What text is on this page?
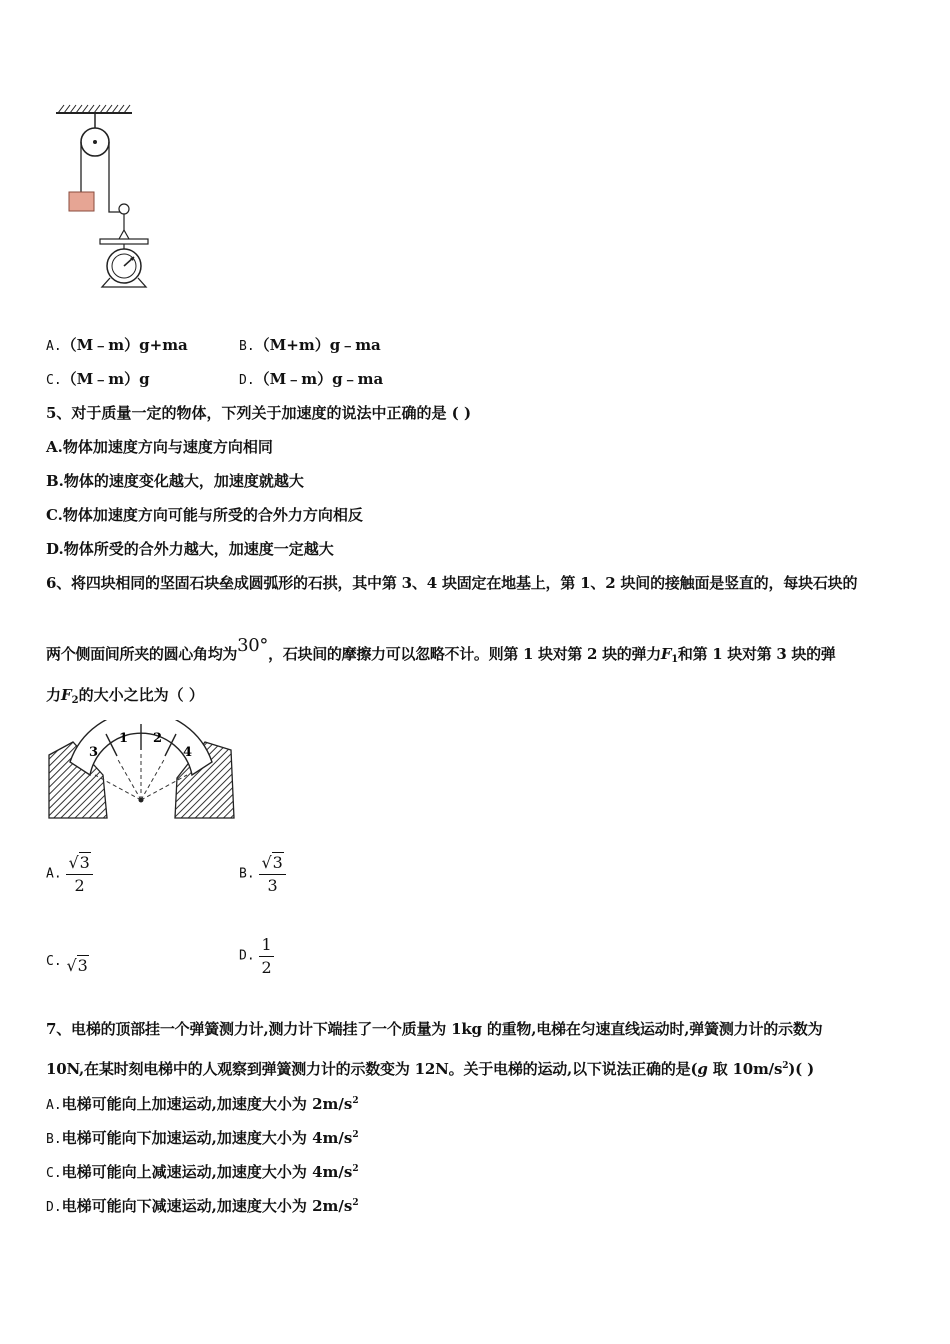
A.（M﹣m）g+ma	B.（M+m）g﹣ma
C.（M﹣m）g	D.（M﹣m）g﹣ma
5、对于质量一定的物体，下列关于加速度的说法中正确的是 ( )
A.物体加速度方向与速度方向相同
B.物体的速度变化越大，加速度就越大
C.物体加速度方向可能与所受的合外力方向相反
D.物体所受的合外力越大，加速度一定越大
6、将四块相同的坚固石块垒成圆弧形的石拱，其中第 3、4 块固定在地基上，第 1、2 块间的接触面是竖直的，每块石块的
两个侧面间所夹的圆心角均为30°，石块间的摩擦力可以忽略不计。则第 1 块对第 2 块的弹力$F_1$和第 1 块对第 3 块的弹
力$F_2$的大小之比为（ ）
3
1 2
4
A. $\frac{√3}{2}$	B. $\frac{√3}{3}$
C. √3	D. $\frac{1}{2}$
7、电梯的顶部挂一个弹簧测力计,测力计下端挂了一个质量为 1kg 的重物,电梯在匀速直线运动时,弹簧测力计的示数为
10N,在某时刻电梯中的人观察到弹簧测力计的示数变为 12N。关于电梯的运动,以下说法正确的是(g 取 $10m/s^2$)( )
A.电梯可能向上加速运动,加速度大小为 $2m/s^2$
B.电梯可能向下加速运动,加速度大小为 $4m/s^2$
C.电梯可能向上减速运动,加速度大小为 $4m/s^2$
D.电梯可能向下减速运动,加速度大小为 $2m/s^2$
